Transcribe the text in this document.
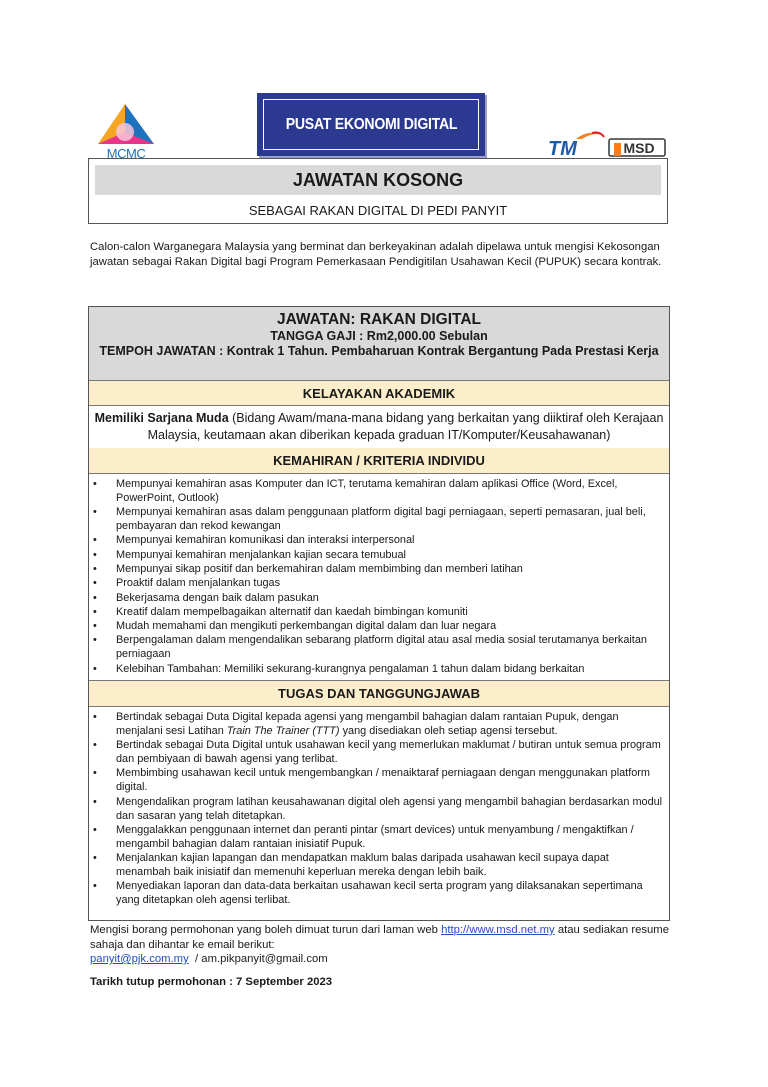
MCMC
PUSAT EKONOMI DIGITAL
TM	MSD
JAWATAN KOSONG
SEBAGAI RAKAN DIGITAL DI PEDI PANYIT
Calon-calon Warganegara Malaysia yang berminat dan berkeyakinan adalah dipelawa untuk mengisi Kekosongan jawatan sebagai Rakan Digital bagi Program Pemerkasaan Pendigitilan Usahawan Kecil (PUPUK) secara kontrak.
JAWATAN: RAKAN DIGITAL
TANGGA GAJI : Rm2,000.00 Sebulan
TEMPOH JAWATAN : Kontrak 1 Tahun. Pembaharuan Kontrak Bergantung Pada Prestasi Kerja
KELAYAKAN AKADEMIK
Memiliki Sarjana Muda (Bidang Awam/mana-mana bidang yang berkaitan yang diiktiraf oleh Kerajaan Malaysia, keutamaan akan diberikan kepada graduan IT/Komputer/Keusahawanan)
KEMAHIRAN / KRITERIA INDIVIDU
• Mempunyai kemahiran asas Komputer dan ICT, terutama kemahiran dalam aplikasi Office (Word, Excel, PowerPoint, Outlook)
• Mempunyai kemahiran asas dalam penggunaan platform digital bagi perniagaan, seperti pemasaran, jual beli, pembayaran dan rekod kewangan
• Mempunyai kemahiran komunikasi dan interaksi interpersonal
• Mempunyai kemahiran menjalankan kajian secara temubual
• Mempunyai sikap positif dan berkemahiran dalam membimbing dan memberi latihan
• Proaktif dalam menjalankan tugas
• Bekerjasama dengan baik dalam pasukan
• Kreatif dalam mempelbagaikan alternatif dan kaedah bimbingan komuniti
• Mudah memahami dan mengikuti perkembangan digital dalam dan luar negara
• Berpengalaman dalam mengendalikan sebarang platform digital atau asal media sosial terutamanya berkaitan perniagaan
• Kelebihan Tambahan: Memiliki sekurang-kurangnya pengalaman 1 tahun dalam bidang berkaitan
TUGAS DAN TANGGUNGJAWAB
• Bertindak sebagai Duta Digital kepada agensi yang mengambil bahagian dalam rantaian Pupuk, dengan menjalani sesi Latihan Train The Trainer (TTT) yang disediakan oleh setiap agensi tersebut.
• Bertindak sebagai Duta Digital untuk usahawan kecil yang memerlukan maklumat / butiran untuk semua program dan pembiyaan di bawah agensi yang terlibat.
• Membimbing usahawan kecil untuk mengembangkan / menaiktaraf perniagaan dengan menggunakan platform digital.
• Mengendalikan program latihan keusahawanan digital oleh agensi yang mengambil bahagian berdasarkan modul dan sasaran yang telah ditetapkan.
• Menggalakkan penggunaan internet dan peranti pintar (smart devices) untuk menyambung / mengaktifkan / mengambil bahagian dalam rantaian inisiatif Pupuk.
• Menjalankan kajian lapangan dan mendapatkan maklum balas daripada usahawan kecil supaya dapat menambah baik inisiatif dan memenuhi keperluan mereka dengan lebih baik.
• Menyediakan laporan dan data-data berkaitan usahawan kecil serta program yang dilaksanakan sepertimana yang ditetapkan oleh agensi terlibat.
Mengisi borang permohonan yang boleh dimuat turun dari laman web http://www.msd.net.my atau sediakan resume sahaja dan dihantar ke email berikut:
panyit@pjk.com.my  / am.pikpanyit@gmail.com
Tarikh tutup permohonan : 7 September 2023
